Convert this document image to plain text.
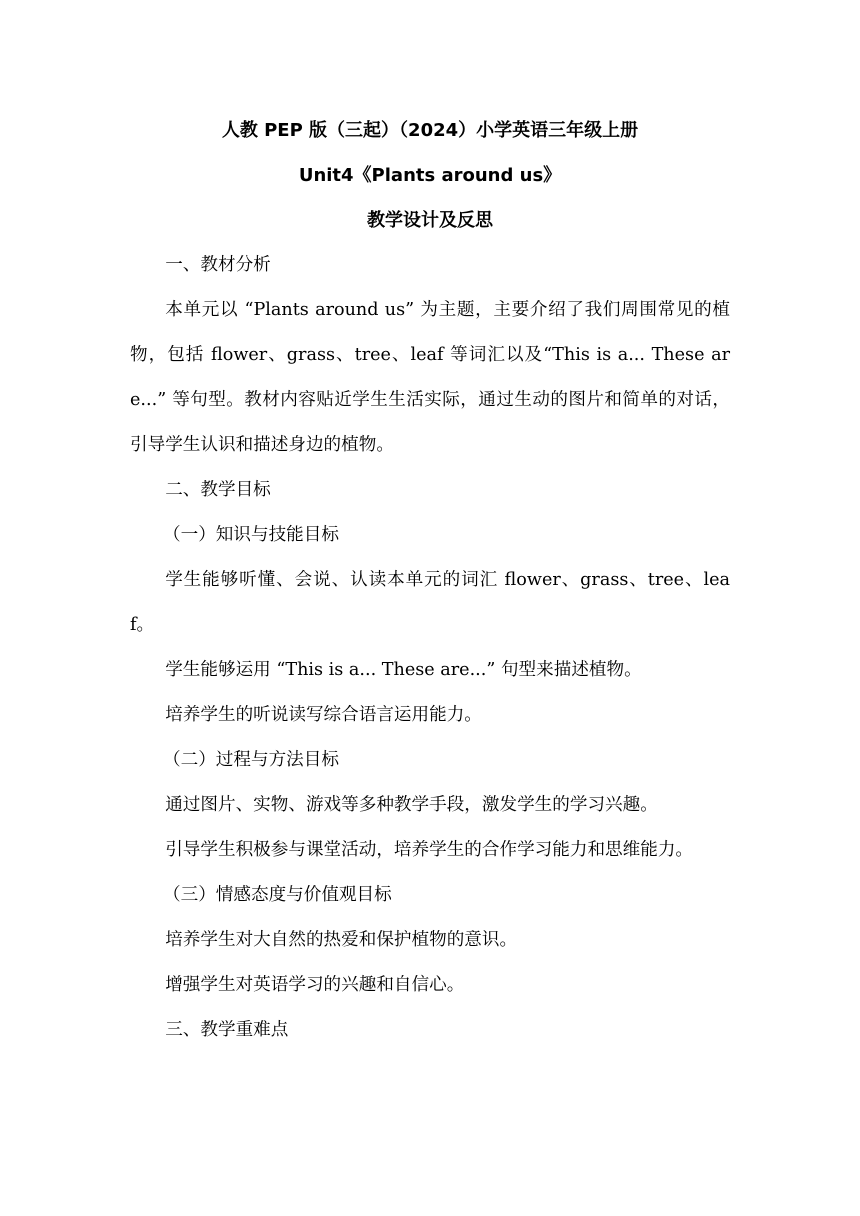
人教 PEP 版（三起）（2024）小学英语三年级上册
Unit4《Plants around us》
教学设计及反思
一、教材分析
本单元以 “Plants around us” 为主题，主要介绍了我们周围常见的植物，包括 flower、grass、tree、leaf 等词汇以及“This is a... These are...” 等句型。教材内容贴近学生生活实际，通过生动的图片和简单的对话，引导学生认识和描述身边的植物。
二、教学目标
（一）知识与技能目标
学生能够听懂、会说、认读本单元的词汇 flower、grass、tree、leaf。
学生能够运用 “This is a... These are...” 句型来描述植物。
培养学生的听说读写综合语言运用能力。
（二）过程与方法目标
通过图片、实物、游戏等多种教学手段，激发学生的学习兴趣。
引导学生积极参与课堂活动，培养学生的合作学习能力和思维能力。
（三）情感态度与价值观目标
培养学生对大自然的热爱和保护植物的意识。
增强学生对英语学习的兴趣和自信心。
三、教学重难点
